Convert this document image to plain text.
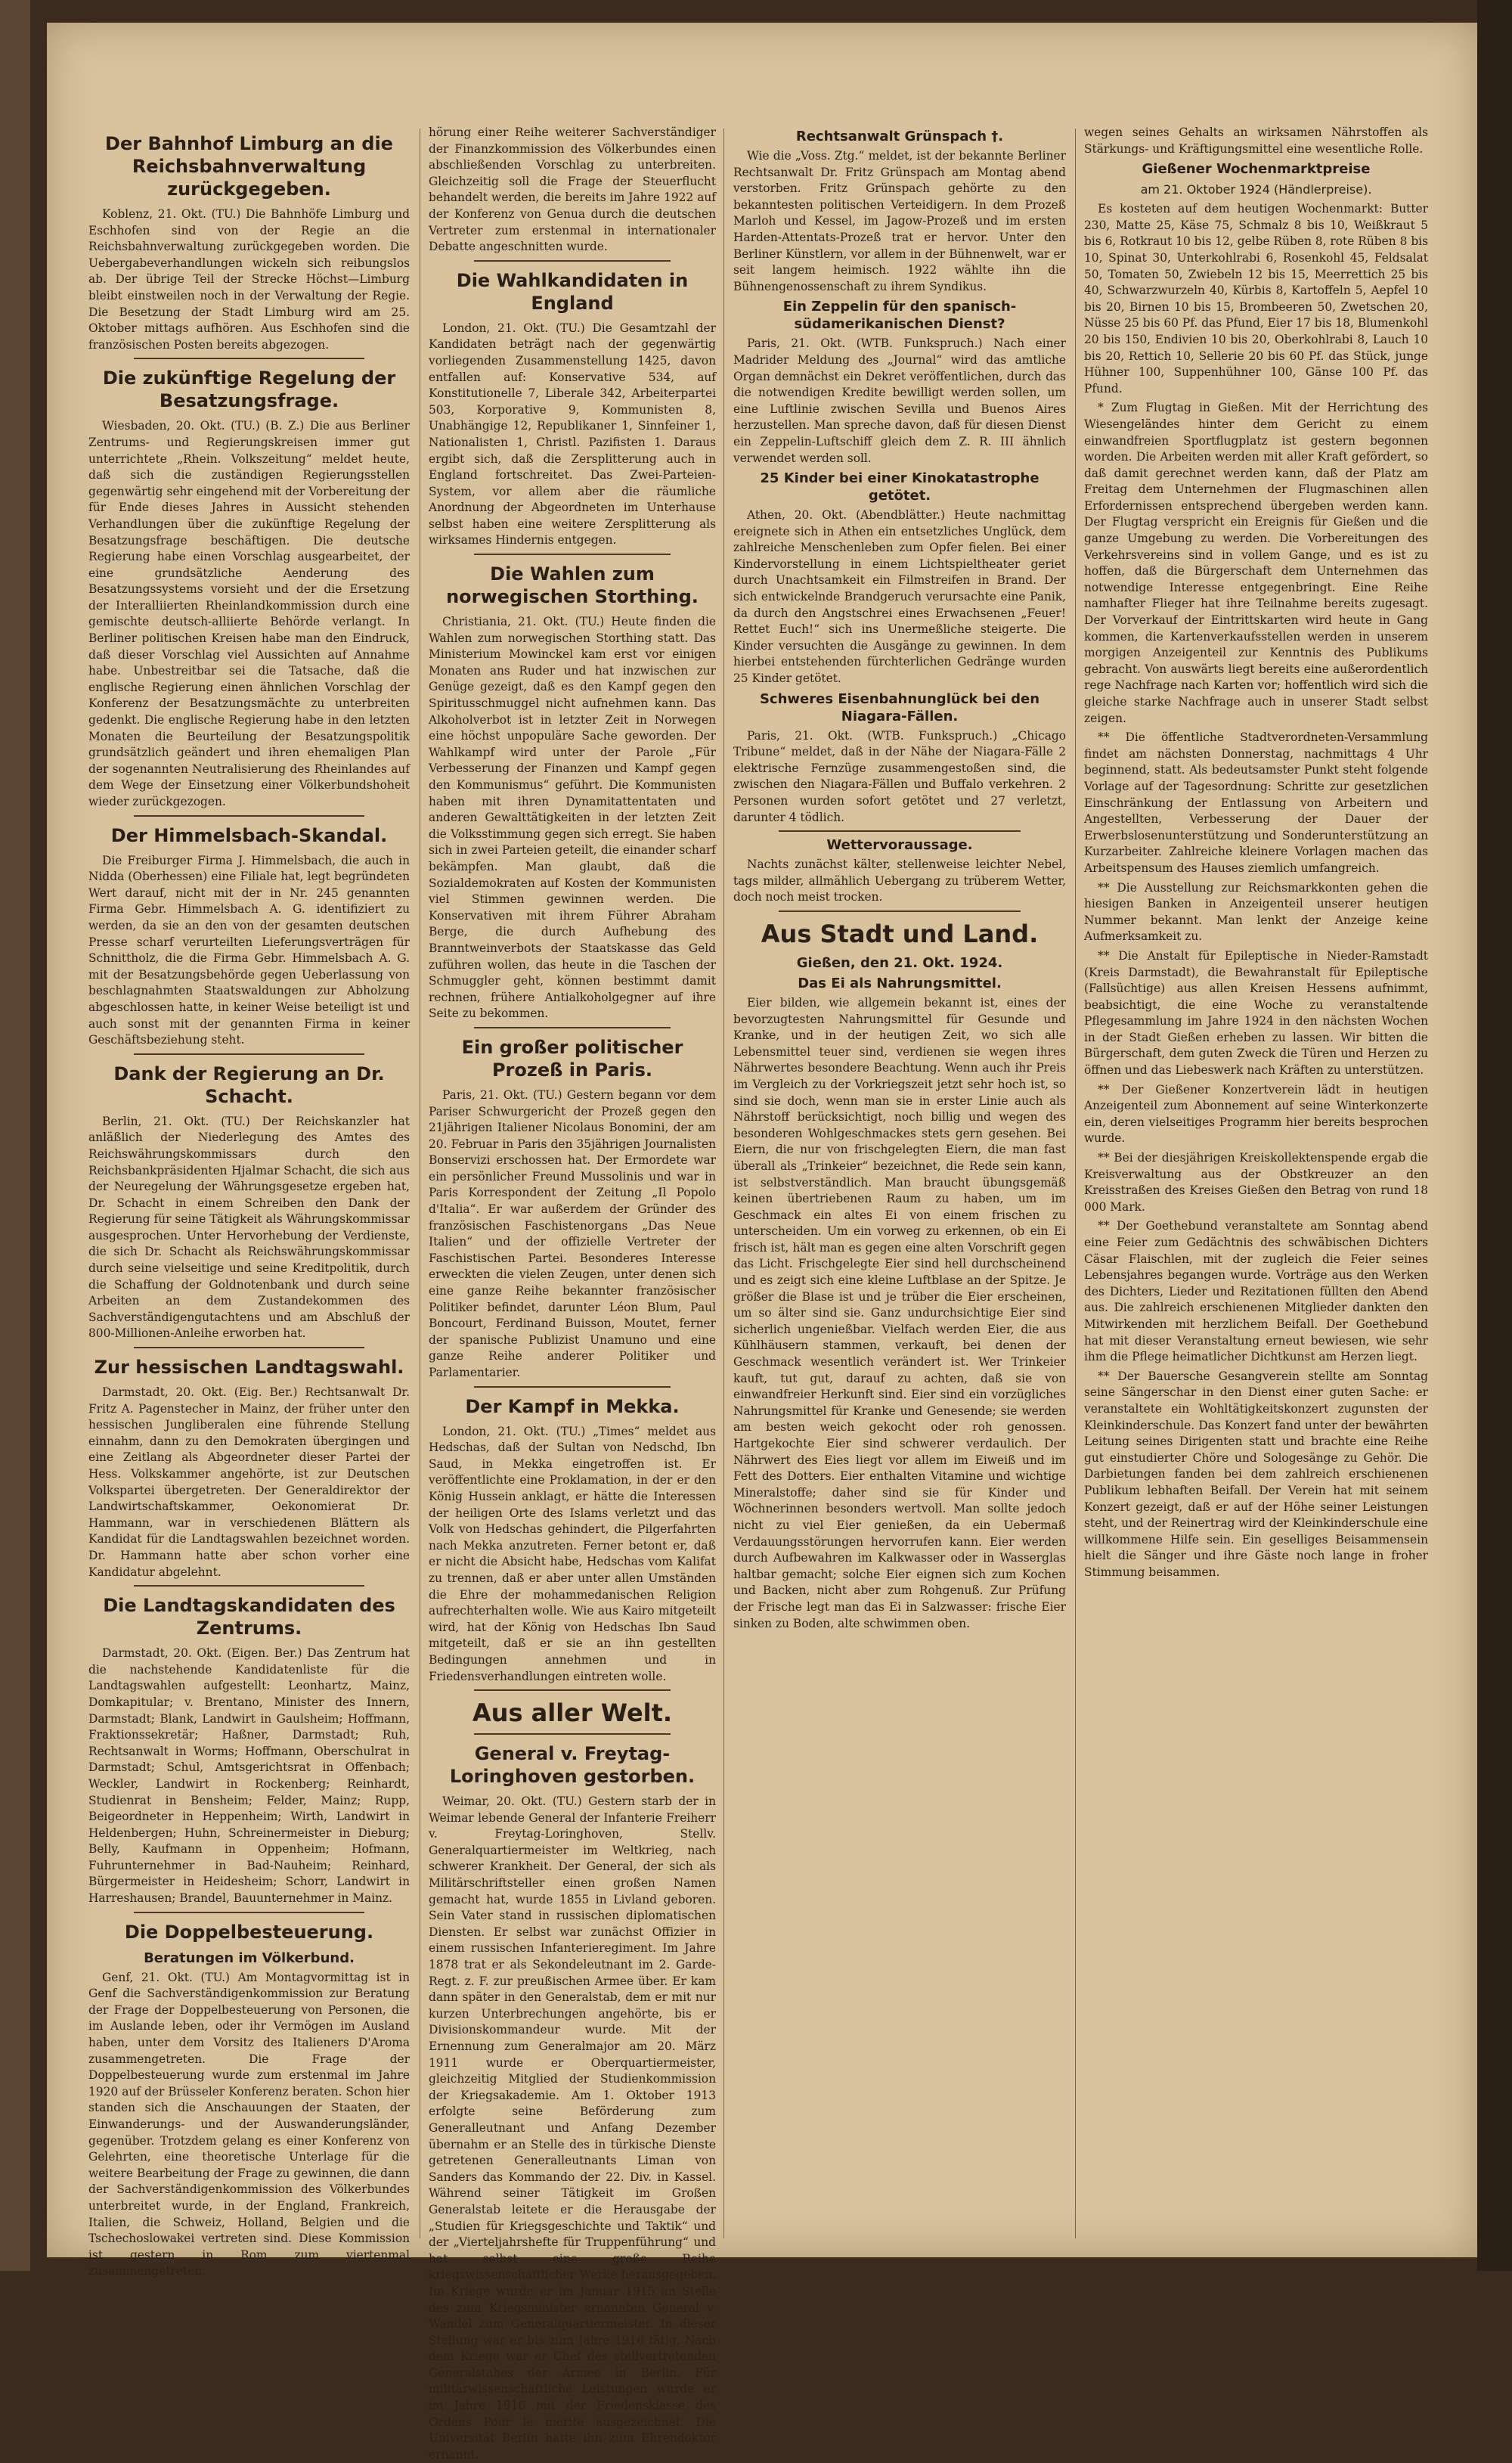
Der Bahnhof Limburg an die Reichsbahnverwaltung zurückgegeben.

Koblenz, 21. Okt. (TU.) Die Bahnhöfe Limburg und Eschhofen sind von der Regie an die Reichsbahnverwaltung zurückgegeben worden. Die Uebergabeverhandlungen wickeln sich reibungslos ab. Der übrige Teil der Strecke Höchst—Limburg bleibt einstweilen noch in der Verwaltung der Regie. Die Besetzung der Stadt Limburg wird am 25. Oktober mittags aufhören. Aus Eschhofen sind die französischen Posten bereits abgezogen.

Die zukünftige Regelung der Besatzungsfrage.

Wiesbaden, 20. Okt. (TU.) (B. Z.) Die aus Berliner Zentrums- und Regierungskreisen immer gut unterrichtete „Rhein. Volkszeitung“ meldet heute, daß sich die zuständigen Regierungsstellen gegenwärtig sehr eingehend mit der Vorbereitung der für Ende dieses Jahres in Aussicht stehenden Verhandlungen über die zukünftige Regelung der Besatzungsfrage beschäftigen. Die deutsche Regierung habe einen Vorschlag ausgearbeitet, der eine grundsätzliche Aenderung des Besatzungssystems vorsieht und der die Ersetzung der Interalliierten Rheinlandkommission durch eine gemischte deutsch-alliierte Behörde verlangt. In Berliner politischen Kreisen habe man den Eindruck, daß dieser Vorschlag viel Aussichten auf Annahme habe. Unbestreitbar sei die Tatsache, daß die englische Regierung einen ähnlichen Vorschlag der Konferenz der Besatzungsmächte zu unterbreiten gedenkt. Die englische Regierung habe in den letzten Monaten die Beurteilung der Besatzungspolitik grundsätzlich geändert und ihren ehemaligen Plan der sogenannten Neutralisierung des Rheinlandes auf dem Wege der Einsetzung einer Völkerbundshoheit wieder zurückgezogen.

Der Himmelsbach-Skandal.

Die Freiburger Firma J. Himmelsbach, die auch in Nidda (Oberhessen) eine Filiale hat, legt begründeten Wert darauf, nicht mit der in Nr. 245 genannten Firma Gebr. Himmelsbach A. G. identifiziert zu werden, da sie an den von der gesamten deutschen Presse scharf verurteilten Lieferungsverträgen für Schnittholz, die die Firma Gebr. Himmelsbach A. G. mit der Besatzungsbehörde gegen Ueberlassung von beschlagnahmten Staatswaldungen zur Abholzung abgeschlossen hatte, in keiner Weise beteiligt ist und auch sonst mit der genannten Firma in keiner Geschäftsbeziehung steht.

Dank der Regierung an Dr. Schacht.

Berlin, 21. Okt. (TU.) Der Reichskanzler hat anläßlich der Niederlegung des Amtes des Reichswährungskommissars durch den Reichsbankpräsidenten Hjalmar Schacht, die sich aus der Neuregelung der Währungsgesetze ergeben hat, Dr. Schacht in einem Schreiben den Dank der Regierung für seine Tätigkeit als Währungskommissar ausgesprochen. Unter Hervorhebung der Verdienste, die sich Dr. Schacht als Reichswährungskommissar durch seine vielseitige und seine Kreditpolitik, durch die Schaffung der Goldnotenbank und durch seine Arbeiten an dem Zustandekommen des Sachverständigengutachtens und am Abschluß der 800-Millionen-Anleihe erworben hat.

Zur hessischen Landtagswahl.

Darmstadt, 20. Okt. (Eig. Ber.) Rechtsanwalt Dr. Fritz A. Pagenstecher in Mainz, der früher unter den hessischen Jungliberalen eine führende Stellung einnahm, dann zu den Demokraten übergingen und eine Zeitlang als Abgeordneter dieser Partei der Hess. Volkskammer angehörte, ist zur Deutschen Volkspartei übergetreten. Der Generaldirektor der Landwirtschaftskammer, Oekonomierat Dr. Hammann, war in verschiedenen Blättern als Kandidat für die Landtagswahlen bezeichnet worden. Dr. Hammann hatte aber schon vorher eine Kandidatur abgelehnt.

Die Landtagskandidaten des Zentrums.

Darmstadt, 20. Okt. (Eigen. Ber.) Das Zentrum hat die nachstehende Kandidatenliste für die Landtagswahlen aufgestellt: Leonhartz, Mainz, Domkapitular; v. Brentano, Minister des Innern, Darmstadt; Blank, Landwirt in Gaulsheim; Hoffmann, Fraktionssekretär; Haßner, Darmstadt; Ruh, Rechtsanwalt in Worms; Hoffmann, Oberschulrat in Darmstadt; Schul, Amtsgerichtsrat in Offenbach; Weckler, Landwirt in Rockenberg; Reinhardt, Studienrat in Bensheim; Felder, Mainz; Rupp, Beigeordneter in Heppenheim; Wirth, Landwirt in Heldenbergen; Huhn, Schreinermeister in Dieburg; Belly, Kaufmann in Oppenheim; Hofmann, Fuhrunternehmer in Bad-Nauheim; Reinhard, Bürgermeister in Heidesheim; Schorr, Landwirt in Harreshausen; Brandel, Bauunternehmer in Mainz.

Die Doppelbesteuerung.
Beratungen im Völkerbund.

Genf, 21. Okt. (TU.) Am Montagvormittag ist in Genf die Sachverständigenkommission zur Beratung der Frage der Doppelbesteuerung von Personen, die im Auslande leben, oder ihr Vermögen im Ausland haben, unter dem Vorsitz des Italieners D'Aroma zusammengetreten. Die Frage der Doppelbesteuerung wurde zum erstenmal im Jahre 1920 auf der Brüsseler Konferenz beraten. Schon hier standen sich die Anschauungen der Staaten, der Einwanderungs- und der Auswanderungsländer, gegenüber. Trotzdem gelang es einer Konferenz von Gelehrten, eine theoretische Unterlage für die weitere Bearbeitung der Frage zu gewinnen, die dann der Sachverständigenkommission des Völkerbundes unterbreitet wurde, in der England, Frankreich, Italien, die Schweiz, Holland, Belgien und die Tschechoslowakei vertreten sind. Diese Kommission ist gestern in Rom zum viertenmal zusammengetreten.

hörung einer Reihe weiterer Sachverständiger der Finanzkommission des Völkerbundes einen abschließenden Vorschlag zu unterbreiten. Gleichzeitig soll die Frage der Steuerflucht behandelt werden, die bereits im Jahre 1922 auf der Konferenz von Genua durch die deutschen Vertreter zum erstenmal in internationaler Debatte angeschnitten wurde.

Die Wahlkandidaten in England

London, 21. Okt. (TU.) Die Gesamtzahl der Kandidaten beträgt nach der gegenwärtig vorliegenden Zusammenstellung 1425, davon entfallen auf: Konservative 534, auf Konstitutionelle 7, Liberale 342, Arbeiterpartei 503, Korporative 9, Kommunisten 8, Unabhängige 12, Republikaner 1, Sinnfeiner 1, Nationalisten 1, Christl. Pazifisten 1. Daraus ergibt sich, daß die Zersplitterung auch in England fortschreitet. Das Zwei-Parteien-System, vor allem aber die räumliche Anordnung der Abgeordneten im Unterhause selbst haben eine weitere Zersplitterung als wirksames Hindernis entgegen.

Die Wahlen zum norwegischen Storthing.

Christiania, 21. Okt. (TU.) Heute finden die Wahlen zum norwegischen Storthing statt. Das Ministerium Mowinckel kam erst vor einigen Monaten ans Ruder und hat inzwischen zur Genüge gezeigt, daß es den Kampf gegen den Spiritusschmuggel nicht aufnehmen kann. Das Alkoholverbot ist in letzter Zeit in Norwegen eine höchst unpopuläre Sache geworden. Der Wahlkampf wird unter der Parole „Für Verbesserung der Finanzen und Kampf gegen den Kommunismus“ geführt. Die Kommunisten haben mit ihren Dynamitattentaten und anderen Gewalttätigkeiten in der letzten Zeit die Volksstimmung gegen sich erregt. Sie haben sich in zwei Parteien geteilt, die einander scharf bekämpfen. Man glaubt, daß die Sozialdemokraten auf Kosten der Kommunisten viel Stimmen gewinnen werden. Die Konservativen mit ihrem Führer Abraham Berge, die durch Aufhebung des Branntweinverbots der Staatskasse das Geld zuführen wollen, das heute in die Taschen der Schmuggler geht, können bestimmt damit rechnen, frühere Antialkoholgegner auf ihre Seite zu bekommen.

Ein großer politischer Prozeß in Paris.

Paris, 21. Okt. (TU.) Gestern begann vor dem Pariser Schwurgericht der Prozeß gegen den 21jährigen Italiener Nicolaus Bonomini, der am 20. Februar in Paris den 35jährigen Journalisten Bonservizi erschossen hat. Der Ermordete war ein persönlicher Freund Mussolinis und war in Paris Korrespondent der Zeitung „Il Popolo d'Italia“. Er war außerdem der Gründer des französischen Faschistenorgans „Das Neue Italien“ und der offizielle Vertreter der Faschistischen Partei. Besonderes Interesse erweckten die vielen Zeugen, unter denen sich eine ganze Reihe bekannter französischer Politiker befindet, darunter Léon Blum, Paul Boncourt, Ferdinand Buisson, Moutet, ferner der spanische Publizist Unamuno und eine ganze Reihe anderer Politiker und Parlamentarier.

Der Kampf in Mekka.

London, 21. Okt. (TU.) „Times“ meldet aus Hedschas, daß der Sultan von Nedschd, Ibn Saud, in Mekka eingetroffen ist. Er veröffentlichte eine Proklamation, in der er den König Hussein anklagt, er hätte die Interessen der heiligen Orte des Islams verletzt und das Volk von Hedschas gehindert, die Pilgerfahrten nach Mekka anzutreten. Ferner betont er, daß er nicht die Absicht habe, Hedschas vom Kalifat zu trennen, daß er aber unter allen Umständen die Ehre der mohammedanischen Religion aufrechterhalten wolle. Wie aus Kairo mitgeteilt wird, hat der König von Hedschas Ibn Saud mitgeteilt, daß er sie an ihn gestellten Bedingungen annehmen und in Friedensverhandlungen eintreten wolle.

Aus aller Welt.
General v. Freytag-Loringhoven gestorben.

Weimar, 20. Okt. (TU.) Gestern starb der in Weimar lebende General der Infanterie Freiherr v. Freytag-Loringhoven, Stellv. Generalquartiermeister im Weltkrieg, nach schwerer Krankheit. Der General, der sich als Militärschriftsteller einen großen Namen gemacht hat, wurde 1855 in Livland geboren. Sein Vater stand in russischen diplomatischen Diensten. Er selbst war zunächst Offizier in einem russischen Infanterieregiment. Im Jahre 1878 trat er als Sekondeleutnant im 2. Garde-Regt. z. F. zur preußischen Armee über. Er kam dann später in den Generalstab, dem er mit nur kurzen Unterbrechungen angehörte, bis er Divisionskommandeur wurde. Mit der Ernennung zum Generalmajor am 20. März 1911 wurde er Oberquartiermeister, gleichzeitig Mitglied der Studienkommission der Kriegsakademie. Am 1. Oktober 1913 erfolgte seine Beförderung zum Generalleutnant und Anfang Dezember übernahm er an Stelle des in türkische Dienste getretenen Generalleutnants Liman von Sanders das Kommando der 22. Div. in Kassel. Während seiner Tätigkeit im Großen Generalstab leitete er die Herausgabe der „Studien für Kriegsgeschichte und Taktik“ und der „Vierteljahrshefte für Truppenführung“ und hat selbst eine große Reihe kriegswissenschaftlicher Werke herausgegeben. Im Kriege wurde er im Januar 1915 an Stelle des zum Kriegsminister ernannten General v. Wandel zum Generalquartiermeister. In dieser Stellung war er bis zum Jahre 1916 tätig. Nach dem Kriege war er Chef des stellvertretenden Generalstabes der Armee in Berlin. Für militärwissenschaftliche Leistungen wurde er im Jahre 1916 mit der Friedensklasse des Ordens Pour le mérite ausgezeichnet. Die Universität Berlin hatte ihn zum Ehrendoktor ernannt.

Rechtsanwalt Grünspach †.

Wie die „Voss. Ztg.“ meldet, ist der bekannte Berliner Rechtsanwalt Dr. Fritz Grünspach am Montag abend verstorben. Fritz Grünspach gehörte zu den bekanntesten politischen Verteidigern. In dem Prozeß Marloh und Kessel, im Jagow-Prozeß und im ersten Harden-Attentats-Prozeß trat er hervor. Unter den Berliner Künstlern, vor allem in der Bühnenwelt, war er seit langem heimisch. 1922 wählte ihn die Bühnengenossenschaft zu ihrem Syndikus.

Ein Zeppelin für den spanisch-südamerikanischen Dienst?

Paris, 21. Okt. (WTB. Funkspruch.) Nach einer Madrider Meldung des „Journal“ wird das amtliche Organ demnächst ein Dekret veröffentlichen, durch das die notwendigen Kredite bewilligt werden sollen, um eine Luftlinie zwischen Sevilla und Buenos Aires herzustellen. Man spreche davon, daß für diesen Dienst ein Zeppelin-Luftschiff gleich dem Z. R. III ähnlich verwendet werden soll.

25 Kinder bei einer Kinokatastrophe getötet.

Athen, 20. Okt. (Abendblätter.) Heute nachmittag ereignete sich in Athen ein entsetzliches Unglück, dem zahlreiche Menschenleben zum Opfer fielen. Bei einer Kindervorstellung in einem Lichtspieltheater geriet durch Unachtsamkeit ein Filmstreifen in Brand. Der sich entwickelnde Brandgeruch verursachte eine Panik, da durch den Angstschrei eines Erwachsenen „Feuer! Rettet Euch!“ sich ins Unermeßliche steigerte. Die Kinder versuchten die Ausgänge zu gewinnen. In dem hierbei entstehenden fürchterlichen Gedränge wurden 25 Kinder getötet.

Schweres Eisenbahnunglück bei den Niagara-Fällen.

Paris, 21. Okt. (WTB. Funkspruch.) „Chicago Tribune“ meldet, daß in der Nähe der Niagara-Fälle 2 elektrische Fernzüge zusammengestoßen sind, die zwischen den Niagara-Fällen und Buffalo verkehren. 2 Personen wurden sofort getötet und 27 verletzt, darunter 4 tödlich.

Wettervoraussage.

Nachts zunächst kälter, stellenweise leichter Nebel, tags milder, allmählich Uebergang zu trüberem Wetter, doch noch meist trocken.

Aus Stadt und Land.
Gießen, den 21. Okt. 1924.
Das Ei als Nahrungsmittel.

Eier bilden, wie allgemein bekannt ist, eines der bevorzugtesten Nahrungsmittel für Gesunde und Kranke, und in der heutigen Zeit, wo sich alle Lebensmittel teuer sind, verdienen sie wegen ihres Nährwertes besondere Beachtung. Wenn auch ihr Preis im Vergleich zu der Vorkriegszeit jetzt sehr hoch ist, so sind sie doch, wenn man sie in erster Linie auch als Nährstoff berücksichtigt, noch billig und wegen des besonderen Wohlgeschmackes stets gern gesehen. Bei Eiern, die nur von frischgelegten Eiern, die man fast überall als „Trinkeier“ bezeichnet, die Rede sein kann, ist selbstverständlich. Man braucht übungsgemäß keinen übertriebenen Raum zu haben, um im Geschmack ein altes Ei von einem frischen zu unterscheiden. Um ein vorweg zu erkennen, ob ein Ei frisch ist, hält man es gegen eine alten Vorschrift gegen das Licht. Frischgelegte Eier sind hell durchscheinend und es zeigt sich eine kleine Luftblase an der Spitze. Je größer die Blase ist und je trüber die Eier erscheinen, um so älter sind sie. Ganz undurchsichtige Eier sind sicherlich ungenießbar. Vielfach werden Eier, die aus Kühlhäusern stammen, verkauft, bei denen der Geschmack wesentlich verändert ist. Wer Trinkeier kauft, tut gut, darauf zu achten, daß sie von einwandfreier Herkunft sind. Eier sind ein vorzügliches Nahrungsmittel für Kranke und Genesende; sie werden am besten weich gekocht oder roh genossen. Hartgekochte Eier sind schwerer verdaulich. Der Nährwert des Eies liegt vor allem im Eiweiß und im Fett des Dotters. Eier enthalten Vitamine und wichtige Mineralstoffe; daher sind sie für Kinder und Wöchnerinnen besonders wertvoll. Man sollte jedoch nicht zu viel Eier genießen, da ein Uebermaß Verdauungsstörungen hervorrufen kann. Eier werden durch Aufbewahren im Kalkwasser oder in Wasserglas haltbar gemacht; solche Eier eignen sich zum Kochen und Backen, nicht aber zum Rohgenuß. Zur Prüfung der Frische legt man das Ei in Salzwasser: frische Eier sinken zu Boden, alte schwimmen oben.

wegen seines Gehalts an wirksamen Nährstoffen als Stärkungs- und Kräftigungsmittel eine wesentliche Rolle.

Gießener Wochenmarktpreise
am 21. Oktober 1924 (Händlerpreise).

Es kosteten auf dem heutigen Wochenmarkt: Butter 230, Matte 25, Käse 75, Schmalz 8 bis 10, Weißkraut 5 bis 6, Rotkraut 10 bis 12, gelbe Rüben 8, rote Rüben 8 bis 10, Spinat 30, Unterkohlrabi 6, Rosenkohl 45, Feldsalat 50, Tomaten 50, Zwiebeln 12 bis 15, Meerrettich 25 bis 40, Schwarzwurzeln 40, Kürbis 8, Kartoffeln 5, Aepfel 10 bis 20, Birnen 10 bis 15, Brombeeren 50, Zwetschen 20, Nüsse 25 bis 60 Pf. das Pfund, Eier 17 bis 18, Blumenkohl 20 bis 150, Endivien 10 bis 20, Oberkohlrabi 8, Lauch 10 bis 20, Rettich 10, Sellerie 20 bis 60 Pf. das Stück, junge Hühner 100, Suppenhühner 100, Gänse 100 Pf. das Pfund.

* Zum Flugtag in Gießen. Mit der Herrichtung des Wiesengeländes hinter dem Gericht zu einem einwandfreien Sportflugplatz ist gestern begonnen worden. Die Arbeiten werden mit aller Kraft gefördert, so daß damit gerechnet werden kann, daß der Platz am Freitag dem Unternehmen der Flugmaschinen allen Erfordernissen entsprechend übergeben werden kann. Der Flugtag verspricht ein Ereignis für Gießen und die ganze Umgebung zu werden. Die Vorbereitungen des Verkehrsvereins sind in vollem Gange, und es ist zu hoffen, daß die Bürgerschaft dem Unternehmen das notwendige Interesse entgegenbringt. Eine Reihe namhafter Flieger hat ihre Teilnahme bereits zugesagt. Der Vorverkauf der Eintrittskarten wird heute in Gang kommen, die Kartenverkaufsstellen werden in unserem morgigen Anzeigenteil zur Kenntnis des Publikums gebracht. Von auswärts liegt bereits eine außerordentlich rege Nachfrage nach Karten vor; hoffentlich wird sich die gleiche starke Nachfrage auch in unserer Stadt selbst zeigen.

** Die öffentliche Stadtverordneten-Versammlung findet am nächsten Donnerstag, nachmittags 4 Uhr beginnend, statt. Als bedeutsamster Punkt steht folgende Vorlage auf der Tagesordnung: Schritte zur gesetzlichen Einschränkung der Entlassung von Arbeitern und Angestellten, Verbesserung der Dauer der Erwerbslosenunterstützung und Sonderunterstützung an Kurzarbeiter. Zahlreiche kleinere Vorlagen machen das Arbeitspensum des Hauses ziemlich umfangreich.

** Die Ausstellung zur Reichsmarkkonten gehen die hiesigen Banken in Anzeigenteil unserer heutigen Nummer bekannt. Man lenkt der Anzeige keine Aufmerksamkeit zu.

** Die Anstalt für Epileptische in Nieder-Ramstadt (Kreis Darmstadt), die Bewahranstalt für Epileptische (Fallsüchtige) aus allen Kreisen Hessens aufnimmt, beabsichtigt, die eine Woche zu veranstaltende Pflegesammlung im Jahre 1924 in den nächsten Wochen in der Stadt Gießen erheben zu lassen. Wir bitten die Bürgerschaft, dem guten Zweck die Türen und Herzen zu öffnen und das Liebeswerk nach Kräften zu unterstützen.

** Der Gießener Konzertverein lädt in heutigen Anzeigenteil zum Abonnement auf seine Winterkonzerte ein, deren vielseitiges Programm hier bereits besprochen wurde.

** Bei der diesjährigen Kreiskollektenspende ergab die Kreisverwaltung aus der Obstkreuzer an den Kreisstraßen des Kreises Gießen den Betrag von rund 18 000 Mark.

** Der Goethebund veranstaltete am Sonntag abend eine Feier zum Gedächtnis des schwäbischen Dichters Cäsar Flaischlen, mit der zugleich die Feier seines Lebensjahres begangen wurde. Vorträge aus den Werken des Dichters, Lieder und Rezitationen füllten den Abend aus. Die zahlreich erschienenen Mitglieder dankten den Mitwirkenden mit herzlichem Beifall. Der Goethebund hat mit dieser Veranstaltung erneut bewiesen, wie sehr ihm die Pflege heimatlicher Dichtkunst am Herzen liegt.

** Der Bauersche Gesangverein stellte am Sonntag seine Sängerschar in den Dienst einer guten Sache: er veranstaltete ein Wohltätigkeitskonzert zugunsten der Kleinkinderschule. Das Konzert fand unter der bewährten Leitung seines Dirigenten statt und brachte eine Reihe gut einstudierter Chöre und Sologesänge zu Gehör. Die Darbietungen fanden bei dem zahlreich erschienenen Publikum lebhaften Beifall. Der Verein hat mit seinem Konzert gezeigt, daß er auf der Höhe seiner Leistungen steht, und der Reinertrag wird der Kleinkinderschule eine willkommene Hilfe sein. Ein geselliges Beisammensein hielt die Sänger und ihre Gäste noch lange in froher Stimmung beisammen.
